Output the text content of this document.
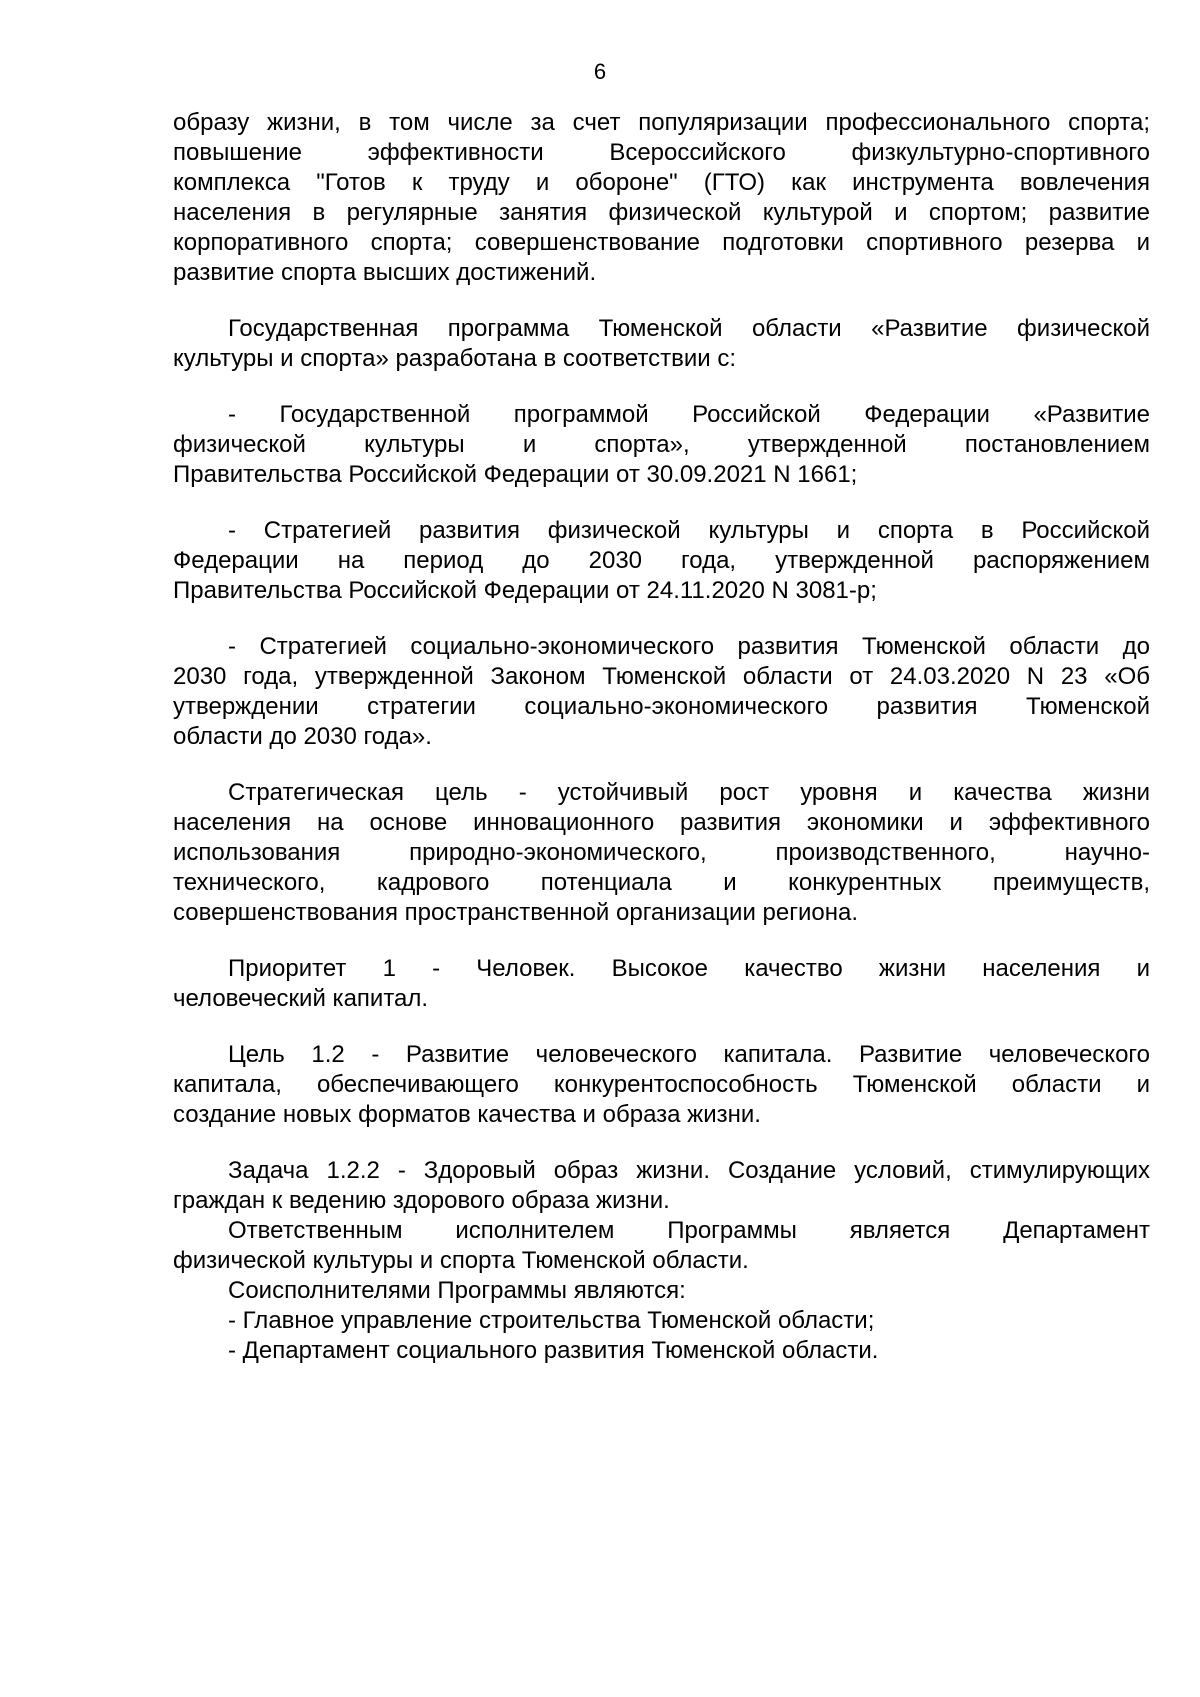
6
образу жизни, в том числе за счет популяризации профессионального спорта;
повышение эффективности Всероссийского физкультурно-спортивного
комплекса "Готов к труду и обороне" (ГТО) как инструмента вовлечения
населения в регулярные занятия физической культурой и спортом; развитие
корпоративного спорта; совершенствование подготовки спортивного резерва и
развитие спорта высших достижений.
Государственная программа Тюменской области «Развитие физической
культуры и спорта» разработана в соответствии с:
- Государственной программой Российской Федерации «Развитие
физической культуры и спорта», утвержденной постановлением
Правительства Российской Федерации от 30.09.2021 N 1661;
- Стратегией развития физической культуры и спорта в Российской
Федерации на период до 2030 года, утвержденной распоряжением
Правительства Российской Федерации от 24.11.2020 N 3081-р;
- Стратегией социально-экономического развития Тюменской области до
2030 года, утвержденной Законом Тюменской области от 24.03.2020 N 23 «Об
утверждении стратегии социально-экономического развития Тюменской
области до 2030 года».
Стратегическая цель - устойчивый рост уровня и качества жизни
населения на основе инновационного развития экономики и эффективного
использования природно-экономического, производственного, научно-
технического, кадрового потенциала и конкурентных преимуществ,
совершенствования пространственной организации региона.
Приоритет 1 - Человек. Высокое качество жизни населения и
человеческий капитал.
Цель 1.2 - Развитие человеческого капитала. Развитие человеческого
капитала, обеспечивающего конкурентоспособность Тюменской области и
создание новых форматов качества и образа жизни.
Задача 1.2.2 - Здоровый образ жизни. Создание условий, стимулирующих
граждан к ведению здорового образа жизни.
Ответственным исполнителем Программы является Департамент
физической культуры и спорта Тюменской области.
Соисполнителями Программы являются:
- Главное управление строительства Тюменской области;
- Департамент социального развития Тюменской области.
